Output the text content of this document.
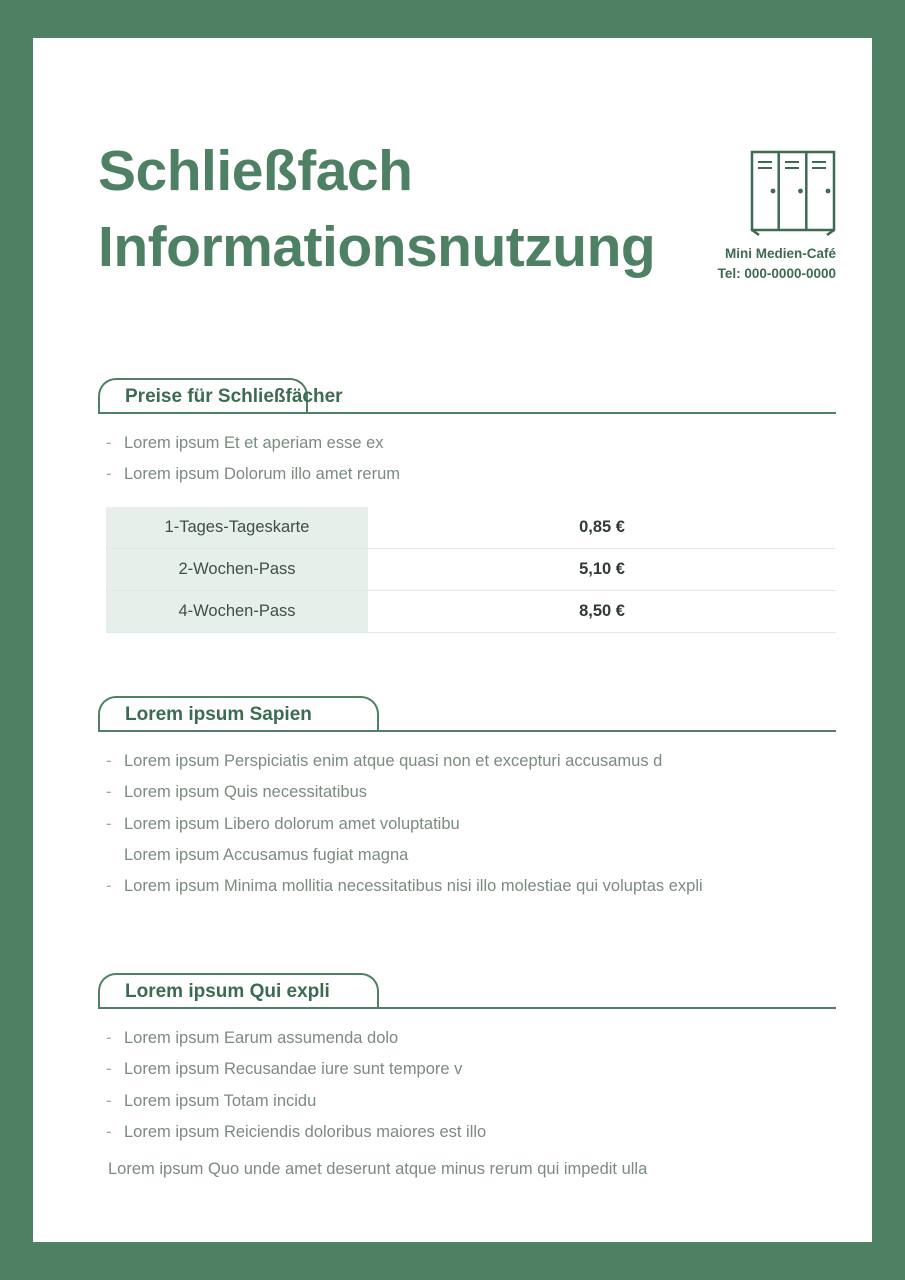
Schließfach
Informationsnutzung	Mini Medien-Café
Tel: 000-0000-0000
Preise für Schließfächer
- Lorem ipsum Et et aperiam esse ex
- Lorem ipsum Dolorum illo amet rerum
1-Tages-Tageskarte	0,85 €
2-Wochen-Pass	5,10 €
4-Wochen-Pass	8,50 €
Lorem ipsum Sapien
- Lorem ipsum Perspiciatis enim atque quasi non et excepturi accusamus d
- Lorem ipsum Quis necessitatibus
- Lorem ipsum Libero dolorum amet voluptatibu
Lorem ipsum Accusamus fugiat magna
- Lorem ipsum Minima mollitia necessitatibus nisi illo molestiae qui voluptas expli
Lorem ipsum Qui expli
- Lorem ipsum Earum assumenda dolo
- Lorem ipsum Recusandae iure sunt tempore v
- Lorem ipsum Totam incidu
- Lorem ipsum Reiciendis doloribus maiores est illo
Lorem ipsum Quo unde amet deserunt atque minus rerum qui impedit ulla
